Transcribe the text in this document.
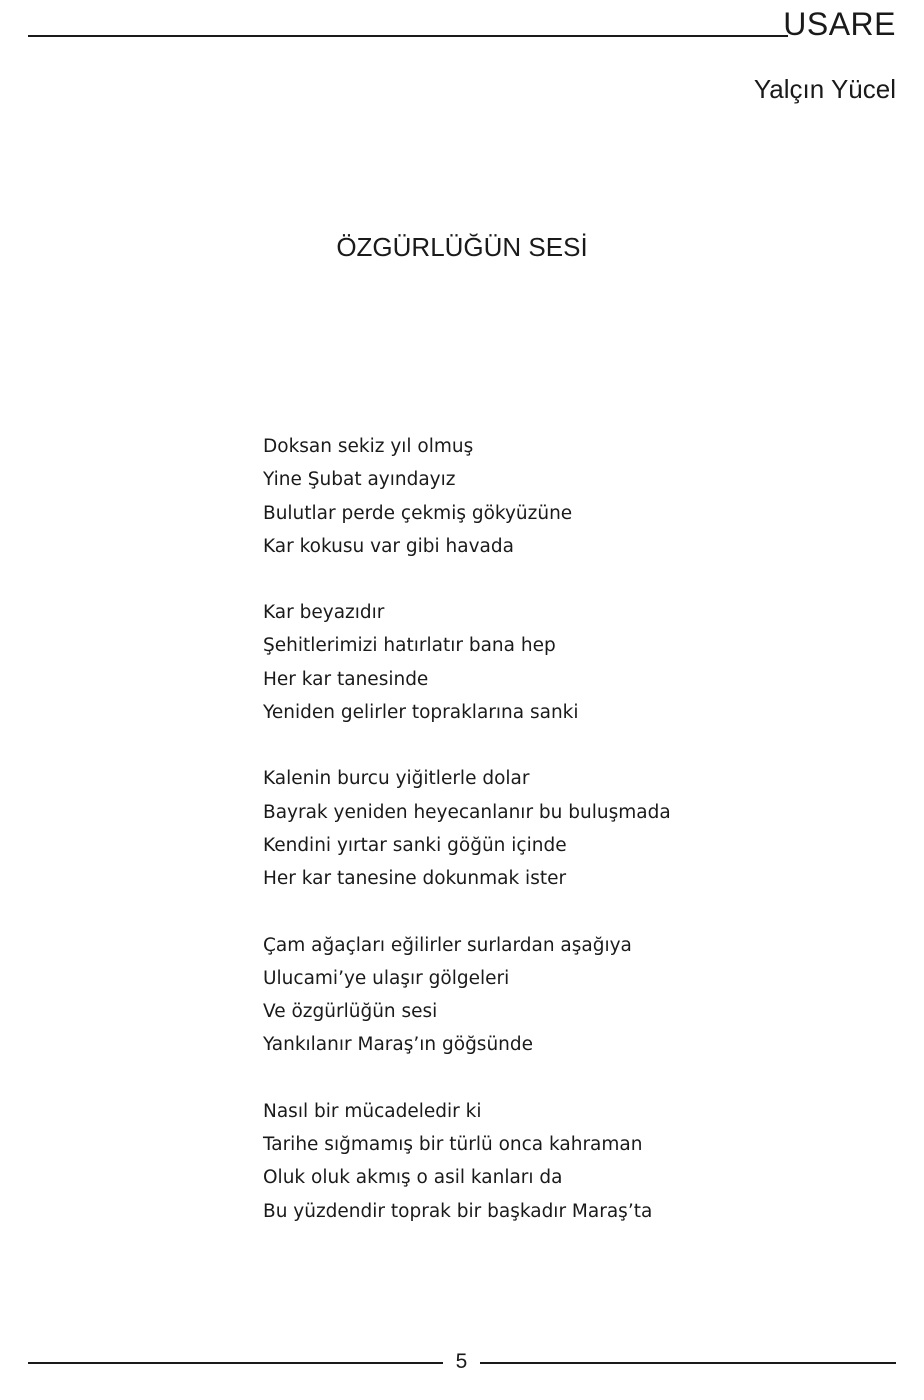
USARE
Yalçın Yücel
ÖZGÜRLÜĞÜN SESİ
Doksan sekiz yıl olmuş
Yine Şubat ayındayız
Bulutlar perde çekmiş gökyüzüne
Kar kokusu var gibi havada
Kar beyazıdır
Şehitlerimizi hatırlatır bana hep
Her kar tanesinde
Yeniden gelirler topraklarına sanki
Kalenin burcu yiğitlerle dolar
Bayrak yeniden heyecanlanır bu buluşmada
Kendini yırtar sanki göğün içinde
Her kar tanesine dokunmak ister
Çam ağaçları eğilirler surlardan aşağıya
Ulucami’ye ulaşır gölgeleri
Ve özgürlüğün sesi
Yankılanır Maraş’ın göğsünde
Nasıl bir mücadeledir ki
Tarihe sığmamış bir türlü onca kahraman
Oluk oluk akmış o asil kanları da
Bu yüzdendir toprak bir başkadır Maraş’ta
5
